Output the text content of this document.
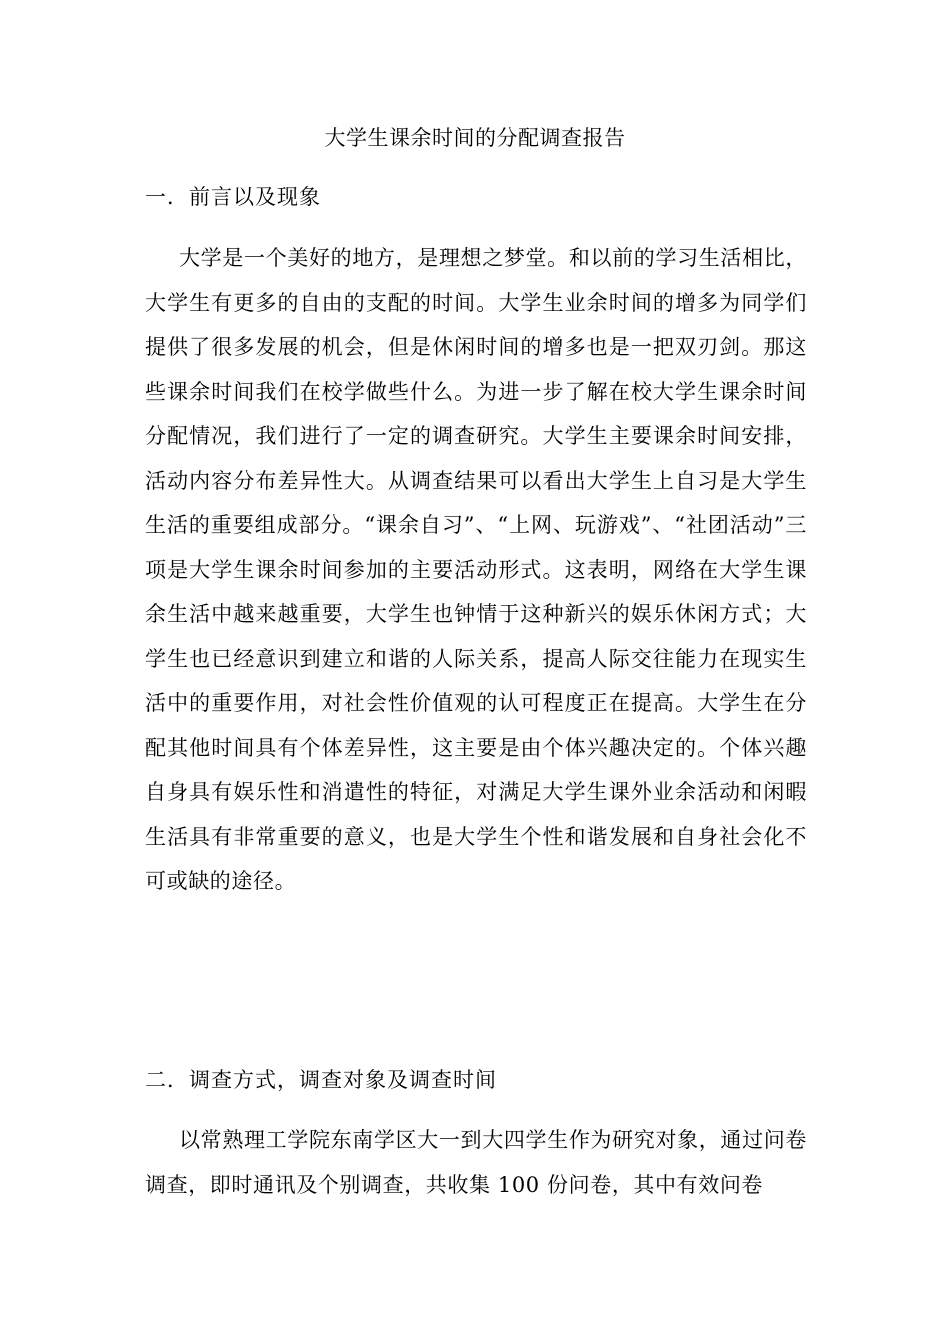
大学生课余时间的分配调查报告
一．前言以及现象

大学是一个美好的地方，是理想之梦堂。和以前的学习生活相比，大学生有更多的自由的支配的时间。大学生业余时间的增多为同学们提供了很多发展的机会，但是休闲时间的增多也是一把双刃剑。那这些课余时间我们在校学做些什么。为进一步了解在校大学生课余时间分配情况，我们进行了一定的调查研究。大学生主要课余时间安排，活动内容分布差异性大。从调查结果可以看出大学生上自习是大学生生活的重要组成部分。“课余自习”、“上网、玩游戏”、“社团活动”三项是大学生课余时间参加的主要活动形式。这表明，网络在大学生课余生活中越来越重要，大学生也钟情于这种新兴的娱乐休闲方式；大学生也已经意识到建立和谐的人际关系，提高人际交往能力在现实生活中的重要作用，对社会性价值观的认可程度正在提高。大学生在分配其他时间具有个体差异性，这主要是由个体兴趣决定的。个体兴趣自身具有娱乐性和消遣性的特征，对满足大学生课外业余活动和闲暇生活具有非常重要的意义，也是大学生个性和谐发展和自身社会化不可或缺的途径。

二．调查方式，调查对象及调查时间

以常熟理工学院东南学区大一到大四学生作为研究对象，通过问卷调查，即时通讯及个别调查，共收集 100 份问卷，其中有效问卷
